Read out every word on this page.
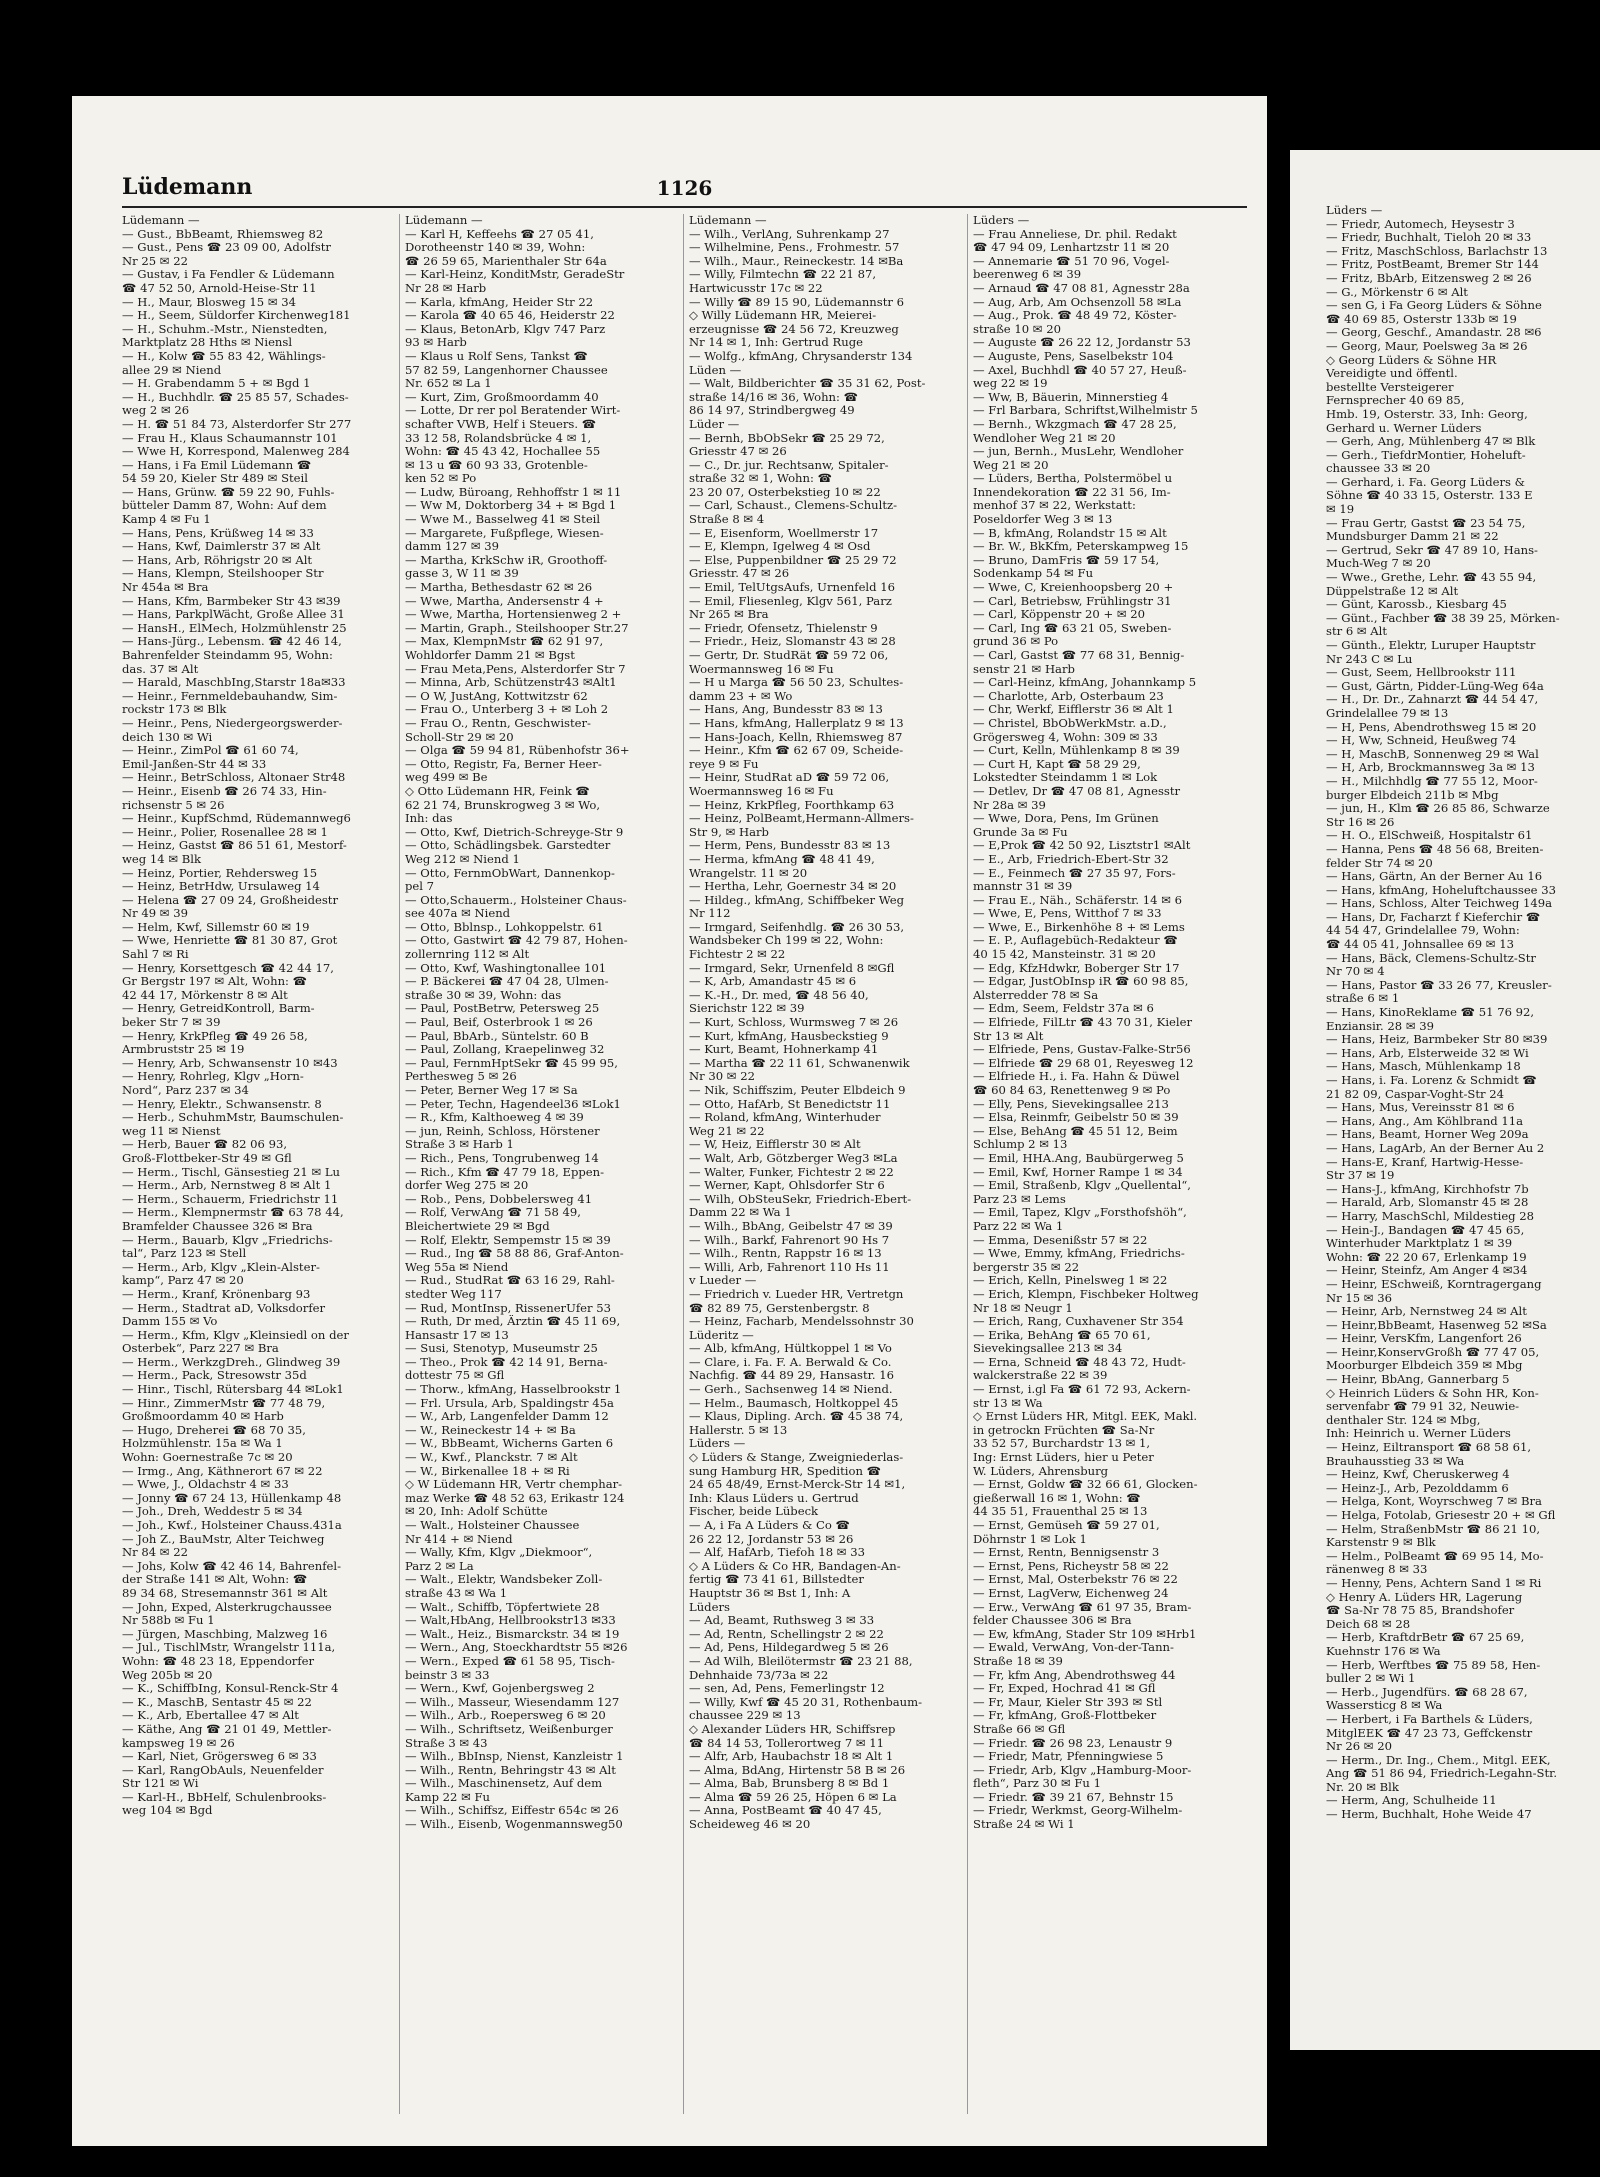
Lüdemann	1126
Lüdemann —
— Gust., BbBeamt, Rhiemsweg 82
— Gust., Pens ☎ 23 09 00, Adolfstr
Nr 25 ✉ 22
— Gustav, i Fa Fendler & Lüdemann
☎ 47 52 50, Arnold-Heise-Str 11
— H., Maur, Blosweg 15 ✉ 34
— H., Seem, Süldorfer Kirchenweg181
— H., Schuhm.-Mstr., Nienstedten,
Marktplatz 28 Hths ✉ Niensl
— H., Kolw ☎ 55 83 42, Wählings-
allee 29 ✉ Niend
— H. Grabendamm 5 + ✉ Bgd 1
— H., Buchhdlr. ☎ 25 85 57, Schades-
weg 2 ✉ 26
— H. ☎ 51 84 73, Alsterdorfer Str 277
— Frau H., Klaus Schaumannstr 101
— Wwe H, Korrespond, Malenweg 284
— Hans, i Fa Emil Lüdemann ☎
54 59 20, Kieler Str 489 ✉ Steil
— Hans, Grünw. ☎ 59 22 90, Fuhls-
bütteler Damm 87, Wohn: Auf dem
Kamp 4 ✉ Fu 1
— Hans, Pens, Krüßweg 14 ✉ 33
— Hans, Kwf, Daimlerstr 37 ✉ Alt
— Hans, Arb, Röhrigstr 20 ✉ Alt
— Hans, Klempn, Steilshooper Str
Nr 454a ✉ Bra
— Hans, Kfm, Barmbeker Str 43 ✉39
— Hans, ParkplWächt, Große Allee 31
— HansH., ElMech, Holzmühlenstr 25
— Hans-Jürg., Lebensm. ☎ 42 46 14,
Bahrenfelder Steindamm 95, Wohn:
das. 37 ✉ Alt
— Harald, MaschbIng,Starstr 18a✉33
— Heinr., Fernmeldebauhandw, Sim-
rockstr 173 ✉ Blk
— Heinr., Pens, Niedergeorgswerder-
deich 130 ✉ Wi
— Heinr., ZimPol ☎ 61 60 74,
Emil-Janßen-Str 44 ✉ 33
— Heinr., BetrSchloss, Altonaer Str48
— Heinr., Eisenb ☎ 26 74 33, Hin-
richsenstr 5 ✉ 26
— Heinr., KupfSchmd, Rüdemannweg6
— Heinr., Polier, Rosenallee 28 ✉ 1
— Heinz, Gastst ☎ 86 51 61, Mestorf-
weg 14 ✉ Blk
— Heinz, Portier, Rehdersweg 15
— Heinz, BetrHdw, Ursulaweg 14
— Helena ☎ 27 09 24, Großheidestr
Nr 49 ✉ 39
— Helm, Kwf, Sillemstr 60 ✉ 19
— Wwe, Henriette ☎ 81 30 87, Grot
Sahl 7 ✉ Ri
— Henry, Korsettgesch ☎ 42 44 17,
Gr Bergstr 197 ✉ Alt, Wohn: ☎
42 44 17, Mörkenstr 8 ✉ Alt
— Henry, GetreidKontroll, Barm-
beker Str 7 ✉ 39
— Henry, KrkPfleg ☎ 49 26 58,
Armbruststr 25 ✉ 19
— Henry, Arb, Schwansenstr 10 ✉43
— Henry, Rohrleg, Klgv „Horn-
Nord“, Parz 237 ✉ 34
— Henry, Elektr., Schwansenstr. 8
— Herb., SchuhmMstr, Baumschulen-
weg 11 ✉ Nienst
— Herb, Bauer ☎ 82 06 93,
Groß-Flottbeker-Str 49 ✉ Gfl
— Herm., Tischl, Gänsestieg 21 ✉ Lu
— Herm., Arb, Nernstweg 8 ✉ Alt 1
— Herm., Schauerm, Friedrichstr 11
— Herm., Klempnermstr ☎ 63 78 44,
Bramfelder Chaussee 326 ✉ Bra
— Herm., Bauarb, Klgv „Friedrichs-
tal“, Parz 123 ✉ Stell
— Herm., Arb, Klgv „Klein-Alster-
kamp“, Parz 47 ✉ 20
— Herm., Kranf, Krönenbarg 93
— Herm., Stadtrat aD, Volksdorfer
Damm 155 ✉ Vo
— Herm., Kfm, Klgv „Kleinsiedl on der
Osterbek“, Parz 227 ✉ Bra
— Herm., WerkzgDreh., Glindweg 39
— Herm., Pack, Stresowstr 35d
— Hinr., Tischl, Rütersbarg 44 ✉Lok1
— Hinr., ZimmerMstr ☎ 77 48 79,
Großmoordamm 40 ✉ Harb
— Hugo, Dreherei ☎ 68 70 35,
Holzmühlenstr. 15a ✉ Wa 1
Wohn: Goernestraße 7c ✉ 20
— Irmg., Ang, Käthnerort 67 ✉ 22
— Wwe, J., Oldachstr 4 ✉ 33
— Jonny ☎ 67 24 13, Hüllenkamp 48
— Joh., Dreh, Weddestr 5 ✉ 34
— Joh., Kwf., Holsteiner Chauss.431a
— Joh Z., BauMstr, Alter Teichweg
Nr 84 ✉ 22
— Johs, Kolw ☎ 42 46 14, Bahrenfel-
der Straße 141 ✉ Alt, Wohn: ☎
89 34 68, Stresemannstr 361 ✉ Alt
— John, Exped, Alsterkrugchaussee
Nr 588b ✉ Fu 1
— Jürgen, Maschbing, Malzweg 16
— Jul., TischlMstr, Wrangelstr 111a,
Wohn: ☎ 48 23 18, Eppendorfer
Weg 205b ✉ 20
— K., SchiffbIng, Konsul-Renck-Str 4
— K., MaschB, Sentastr 45 ✉ 22
— K., Arb, Ebertallee 47 ✉ Alt
— Käthe, Ang ☎ 21 01 49, Mettler-
kampsweg 19 ✉ 26
— Karl, Niet, Grögersweg 6 ✉ 33
— Karl, RangObAuls, Neuenfelder
Str 121 ✉ Wi
— Karl-H., BbHelf, Schulenbrooks-
weg 104 ✉ Bgd
Lüdemann —
— Karl H, Keffeehs ☎ 27 05 41,
Dorotheenstr 140 ✉ 39, Wohn:
☎ 26 59 65, Marienthaler Str 64a
— Karl-Heinz, KonditMstr, GeradeStr
Nr 28 ✉ Harb
— Karla, kfmAng, Heider Str 22
— Karola ☎ 40 65 46, Heiderstr 22
— Klaus, BetonArb, Klgv 747 Parz
93 ✉ Harb
— Klaus u Rolf Sens, Tankst ☎
57 82 59, Langenhorner Chaussee
Nr. 652 ✉ La 1
— Kurt, Zim, Großmoordamm 40
— Lotte, Dr rer pol Beratender Wirt-
schafter VWB, Helf i Steuers. ☎
33 12 58, Rolandsbrücke 4 ✉ 1,
Wohn: ☎ 45 43 42, Hochallee 55
✉ 13 u ☎ 60 93 33, Grotenble-
ken 52 ✉ Po
— Ludw, Büroang, Rehhoffstr 1 ✉ 11
— Ww M, Doktorberg 34 + ✉ Bgd 1
— Wwe M., Basselweg 41 ✉ Steil
— Margarete, Fußpflege, Wiesen-
damm 127 ✉ 39
— Martha, KrkSchw iR, Groothoff-
gasse 3, W 11 ✉ 39
— Martha, Bethesdastr 62 ✉ 26
— Wwe, Martha, Andersenstr 4 +
— Wwe, Martha, Hortensienweg 2 +
— Martin, Graph., Steilshooper Str.27
— Max, KlempnMstr ☎ 62 91 97,
Wohldorfer Damm 21 ✉ Bgst
— Frau Meta,Pens, Alsterdorfer Str 7
— Minna, Arb, Schützenstr43 ✉Alt1
— O W, JustAng, Kottwitzstr 62
— Frau O., Unterberg 3 + ✉ Loh 2
— Frau O., Rentn, Geschwister-
Scholl-Str 29 ✉ 20
— Olga ☎ 59 94 81, Rübenhofstr 36+
— Otto, Registr, Fa, Berner Heer-
weg 499 ✉ Be
◇ Otto Lüdemann HR, Feink ☎
62 21 74, Brunskrogweg 3 ✉ Wo,
Inh: das
— Otto, Kwf, Dietrich-Schreyge-Str 9
— Otto, Schädlingsbek. Garstedter
Weg 212 ✉ Niend 1
— Otto, FernmObWart, Dannenkop-
pel 7
— Otto,Schauerm., Holsteiner Chaus-
see 407a ✉ Niend
— Otto, Bblnsp., Lohkoppelstr. 61
— Otto, Gastwirt ☎ 42 79 87, Hohen-
zollernring 112 ✉ Alt
— Otto, Kwf, Washingtonallee 101
— P. Bäckerei ☎ 47 04 28, Ulmen-
straße 30 ✉ 39, Wohn: das
— Paul, PostBetrw, Petersweg 25
— Paul, Beif, Osterbrook 1 ✉ 26
— Paul, BbArb., Süntelstr. 60 B
— Paul, Zollang, Kraepelinweg 32
— Paul, FernmHptSekr ☎ 45 99 95,
Perthesweg 5 ✉ 26
— Peter, Berner Weg 17 ✉ Sa
— Peter, Techn, Hagendeel36 ✉Lok1
— R., Kfm, Kalthoeweg 4 ✉ 39
— jun, Reinh, Schloss, Hörstener
Straße 3 ✉ Harb 1
— Rich., Pens, Tongrubenweg 14
— Rich., Kfm ☎ 47 79 18, Eppen-
dorfer Weg 275 ✉ 20
— Rob., Pens, Dobbelersweg 41
— Rolf, VerwAng ☎ 71 58 49,
Bleichertwiete 29 ✉ Bgd
— Rolf, Elektr, Sempemstr 15 ✉ 39
— Rud., Ing ☎ 58 88 86, Graf-Anton-
Weg 55a ✉ Niend
— Rud., StudRat ☎ 63 16 29, Rahl-
stedter Weg 117
— Rud, MontInsp, RissenerUfer 53
— Ruth, Dr med, Ärztin ☎ 45 11 69,
Hansastr 17 ✉ 13
— Susi, Stenotyp, Museumstr 25
— Theo., Prok ☎ 42 14 91, Berna-
dottestr 75 ✉ Gfl
— Thorw., kfmAng, Hasselbrookstr 1
— Frl. Ursula, Arb, Spaldingstr 45a
— W., Arb, Langenfelder Damm 12
— W., Reineckestr 14 + ✉ Ba
— W., BbBeamt, Wicherns Garten 6
— W., Kwf., Planckstr. 7 ✉ Alt
— W., Birkenallee 18 + ✉ Ri
◇ W Lüdemann HR, Vertr chemphar-
maz Werke ☎ 48 52 63, Erikastr 124
✉ 20, Inh: Adolf Schütte
— Walt., Holsteiner Chaussee
Nr 414 + ✉ Niend
— Wally, Kfm, Klgv „Diekmoor“,
Parz 2 ✉ La
— Walt., Elektr, Wandsbeker Zoll-
straße 43 ✉ Wa 1
— Walt., Schiffb, Töpfertwiete 28
— Walt,HbAng, Hellbrookstr13 ✉33
— Walt., Heiz., Bismarckstr. 34 ✉ 19
— Wern., Ang, Stoeckhardtstr 55 ✉26
— Wern., Exped ☎ 61 58 95, Tisch-
beinstr 3 ✉ 33
— Wern., Kwf, Gojenbergsweg 2
— Wilh., Masseur, Wiesendamm 127
— Wilh., Arb., Roepersweg 6 ✉ 20
— Wilh., Schriftsetz, Weißenburger
Straße 3 ✉ 43
— Wilh., BbInsp, Nienst, Kanzleistr 1
— Wilh., Rentn, Behringstr 43 ✉ Alt
— Wilh., Maschinensetz, Auf dem
Kamp 22 ✉ Fu
— Wilh., Schiffsz, Eiffestr 654c ✉ 26
— Wilh., Eisenb, Wogenmannsweg50
Lüdemann —
— Wilh., VerlAng, Suhrenkamp 27
— Wilhelmine, Pens., Frohmestr. 57
— Wilh., Maur., Reineckestr. 14 ✉Ba
— Willy, Filmtechn ☎ 22 21 87,
Hartwicusstr 17c ✉ 22
— Willy ☎ 89 15 90, Lüdemannstr 6
◇ Willy Lüdemann HR, Meierei-
erzeugnisse ☎ 24 56 72, Kreuzweg
Nr 14 ✉ 1, Inh: Gertrud Ruge
— Wolfg., kfmAng, Chrysanderstr 134
Lüden —
— Walt, Bildberichter ☎ 35 31 62, Post-
straße 14/16 ✉ 36, Wohn: ☎
86 14 97, Strindbergweg 49
Lüder —
— Bernh, BbObSekr ☎ 25 29 72,
Griesstr 47 ✉ 26
— C., Dr. jur. Rechtsanw, Spitaler-
straße 32 ✉ 1, Wohn: ☎
23 20 07, Osterbekstieg 10 ✉ 22
— Carl, Schaust., Clemens-Schultz-
Straße 8 ✉ 4
— E, Eisenform, Woellmerstr 17
— E, Klempn, Igelweg 4 ✉ Osd
— Else, Puppenbildner ☎ 25 29 72
Griesstr. 47 ✉ 26
— Emil, TelUtgsAufs, Urnenfeld 16
— Emil, Fliesenleg, Klgv 561, Parz
Nr 265 ✉ Bra
— Friedr, Ofensetz, Thielenstr 9
— Friedr., Heiz, Slomanstr 43 ✉ 28
— Gertr, Dr. StudRät ☎ 59 72 06,
Woermannsweg 16 ✉ Fu
— H u Marga ☎ 56 50 23, Schultes-
damm 23 + ✉ Wo
— Hans, Ang, Bundesstr 83 ✉ 13
— Hans, kfmAng, Hallerplatz 9 ✉ 13
— Hans-Joach, Kelln, Rhiemsweg 87
— Heinr., Kfm ☎ 62 67 09, Scheide-
reye 9 ✉ Fu
— Heinr, StudRat aD ☎ 59 72 06,
Woermannsweg 16 ✉ Fu
— Heinz, KrkPfleg, Foorthkamp 63
— Heinz, PolBeamt,Hermann-Allmers-
Str 9, ✉ Harb
— Herm, Pens, Bundesstr 83 ✉ 13
— Herma, kfmAng ☎ 48 41 49,
Wrangelstr. 11 ✉ 20
— Hertha, Lehr, Goernestr 34 ✉ 20
— Hildeg., kfmAng, Schiffbeker Weg
Nr 112
— Irmgard, Seifenhdlg. ☎ 26 30 53,
Wandsbeker Ch 199 ✉ 22, Wohn:
Fichtestr 2 ✉ 22
— Irmgard, Sekr, Urnenfeld 8 ✉Gfl
— K, Arb, Amandastr 45 ✉ 6
— K.-H., Dr. med, ☎ 48 56 40,
Sierichstr 122 ✉ 39
— Kurt, Schloss, Wurmsweg 7 ✉ 26
— Kurt, kfmAng, Hausbeckstieg 9
— Kurt, Beamt, Hohnerkamp 41
— Martha ☎ 22 11 61, Schwanenwik
Nr 30 ✉ 22
— Nik, Schiffszim, Peuter Elbdeich 9
— Otto, HafArb, St Benedictstr 11
— Roland, kfmAng, Winterhuder
Weg 21 ✉ 22
— W, Heiz, Eifflerstr 30 ✉ Alt
— Walt, Arb, Götzberger Weg3 ✉La
— Walter, Funker, Fichtestr 2 ✉ 22
— Werner, Kapt, Ohlsdorfer Str 6
— Wilh, ObSteuSekr, Friedrich-Ebert-
Damm 22 ✉ Wa 1
— Wilh., BbAng, Geibelstr 47 ✉ 39
— Wilh., Barkf, Fahrenort 90 Hs 7
— Wilh., Rentn, Rappstr 16 ✉ 13
— Willi, Arb, Fahrenort 110 Hs 11
v Lueder —
— Friedrich v. Lueder HR, Vertretgn
☎ 82 89 75, Gerstenbergstr. 8
— Heinz, Facharb, Mendelssohnstr 30
Lüderitz —
— Alb, kfmAng, Hültkoppel 1 ✉ Vo
— Clare, i. Fa. F. A. Berwald & Co.
Nachfig. ☎ 44 89 29, Hansastr. 16
— Gerh., Sachsenweg 14 ✉ Niend.
— Helm., Baumasch, Holtkoppel 45
— Klaus, Dipling. Arch. ☎ 45 38 74,
Hallerstr. 5 ✉ 13
Lüders —
◇ Lüders & Stange, Zweigniederlas-
sung Hamburg HR, Spedition ☎
24 65 48/49, Ernst-Merck-Str 14 ✉1,
Inh: Klaus Lüders u. Gertrud
Fischer, beide Lübeck
— A, i Fa A Lüders & Co ☎
26 22 12, Jordanstr 53 ✉ 26
— Alf, HafArb, Tiefoh 18 ✉ 33
◇ A Lüders & Co HR, Bandagen-An-
fertig ☎ 73 41 61, Billstedter
Hauptstr 36 ✉ Bst 1, Inh: A
Lüders
— Ad, Beamt, Ruthsweg 3 ✉ 33
— Ad, Rentn, Schellingstr 2 ✉ 22
— Ad, Pens, Hildegardweg 5 ✉ 26
— Ad Wilh, Bleilötermstr ☎ 23 21 88,
Dehnhaide 73/73a ✉ 22
— sen, Ad, Pens, Femerlingstr 12
— Willy, Kwf ☎ 45 20 31, Rothenbaum-
chaussee 229 ✉ 13
◇ Alexander Lüders HR, Schiffsrep
☎ 84 14 53, Tollerortweg 7 ✉ 11
— Alfr, Arb, Haubachstr 18 ✉ Alt 1
— Alma, BdAng, Hirtenstr 58 B ✉ 26
— Alma, Bab, Brunsberg 8 ✉ Bd 1
— Alma ☎ 59 26 25, Höpen 6 ✉ La
— Anna, PostBeamt ☎ 40 47 45,
Scheideweg 46 ✉ 20
Lüders —
— Frau Anneliese, Dr. phil. Redakt
☎ 47 94 09, Lenhartzstr 11 ✉ 20
— Annemarie ☎ 51 70 96, Vogel-
beerenweg 6 ✉ 39
— Arnaud ☎ 47 08 81, Agnesstr 28a
— Aug, Arb, Am Ochsenzoll 58 ✉La
— Aug., Prok. ☎ 48 49 72, Köster-
straße 10 ✉ 20
— Auguste ☎ 26 22 12, Jordanstr 53
— Auguste, Pens, Saselbekstr 104
— Axel, Buchhdl ☎ 40 57 27, Heuß-
weg 22 ✉ 19
— Ww, B, Bäuerin, Minnerstieg 4
— Frl Barbara, Schriftst,Wilhelmistr 5
— Bernh., Wkzgmach ☎ 47 28 25,
Wendloher Weg 21 ✉ 20
— jun, Bernh., MusLehr, Wendloher
Weg 21 ✉ 20
— Lüders, Bertha, Polstermöbel u
Innendekoration ☎ 22 31 56, Im-
menhof 37 ✉ 22, Werkstatt:
Poseldorfer Weg 3 ✉ 13
— B, kfmAng, Rolandstr 15 ✉ Alt
— Br. W., BkKfm, Peterskampweg 15
— Bruno, DamFris ☎ 59 17 54,
Sodenkamp 54 ✉ Fu
— Wwe, C, Kreienhoopsberg 20 +
— Carl, Betriebsw, Frühlingstr 31
— Carl, Köppenstr 20 + ✉ 20
— Carl, Ing ☎ 63 21 05, Sweben-
grund 36 ✉ Po
— Carl, Gastst ☎ 77 68 31, Bennig-
senstr 21 ✉ Harb
— Carl-Heinz, kfmAng, Johannkamp 5
— Charlotte, Arb, Osterbaum 23
— Chr, Werkf, Eifflerstr 36 ✉ Alt 1
— Christel, BbObWerkMstr. a.D.,
Grögersweg 4, Wohn: 309 ✉ 33
— Curt, Kelln, Mühlenkamp 8 ✉ 39
— Curt H, Kapt ☎ 58 29 29,
Lokstedter Steindamm 1 ✉ Lok
— Detlev, Dr ☎ 47 08 81, Agnesstr
Nr 28a ✉ 39
— Wwe, Dora, Pens, Im Grünen
Grunde 3a ✉ Fu
— E,Prok ☎ 42 50 92, Lisztstr1 ✉Alt
— E., Arb, Friedrich-Ebert-Str 32
— E., Feinmech ☎ 27 35 97, Fors-
mannstr 31 ✉ 39
— Frau E., Näh., Schäferstr. 14 ✉ 6
— Wwe, E, Pens, Witthof 7 ✉ 33
— Wwe, E., Birkenhöhe 8 + ✉ Lems
— E. P., Auflagebüch-Redakteur ☎
40 15 42, Mansteinstr. 31 ✉ 20
— Edg, KfzHdwkr, Boberger Str 17
— Edgar, JustObInsp iR ☎ 60 98 85,
Alsterredder 78 ✉ Sa
— Edm, Seem, Feldstr 37a ✉ 6
— Elfriede, FilLtr ☎ 43 70 31, Kieler
Str 13 ✉ Alt
— Elfriede, Pens, Gustav-Falke-Str56
— Elfriede ☎ 29 68 01, Reyesweg 12
— Elfriede H., i. Fa. Hahn & Düwel
☎ 60 84 63, Renettenweg 9 ✉ Po
— Elly, Pens, Sievekingsallee 213
— Elsa, Reinmfr, Geibelstr 50 ✉ 39
— Else, BehAng ☎ 45 51 12, Beim
Schlump 2 ✉ 13
— Emil, HHA.Ang, Baubürgerweg 5
— Emil, Kwf, Horner Rampe 1 ✉ 34
— Emil, Straßenb, Klgv „Quellental“,
Parz 23 ✉ Lems
— Emil, Tapez, Klgv „Forsthofshöh“,
Parz 22 ✉ Wa 1
— Emma, Desenißstr 57 ✉ 22
— Wwe, Emmy, kfmAng, Friedrichs-
bergerstr 35 ✉ 22
— Erich, Kelln, Pinelsweg 1 ✉ 22
— Erich, Klempn, Fischbeker Holtweg
Nr 18 ✉ Neugr 1
— Erich, Rang, Cuxhavener Str 354
— Erika, BehAng ☎ 65 70 61,
Sievekingsallee 213 ✉ 34
— Erna, Schneid ☎ 48 43 72, Hudt-
walckerstraße 22 ✉ 39
— Ernst, i.gl Fa ☎ 61 72 93, Ackern-
str 13 ✉ Wa
◇ Ernst Lüders HR, Mitgl. EEK, Makl.
in getrockn Früchten ☎ Sa-Nr
33 52 57, Burchardstr 13 ✉ 1,
Ing: Ernst Lüders, hier u Peter
W. Lüders, Ahrensburg
— Ernst, Goldw ☎ 32 66 61, Glocken-
gießerwall 16 ✉ 1, Wohn: ☎
44 35 51, Frauenthal 25 ✉ 13
— Ernst, Gemüseh ☎ 59 27 01,
Döhrnstr 1 ✉ Lok 1
— Ernst, Rentn, Bennigsenstr 3
— Ernst, Pens, Richeystr 58 ✉ 22
— Ernst, Mal, Osterbekstr 76 ✉ 22
— Ernst, LagVerw, Eichenweg 24
— Erw., VerwAng ☎ 61 97 35, Bram-
felder Chaussee 306 ✉ Bra
— Ew, kfmAng, Stader Str 109 ✉Hrb1
— Ewald, VerwAng, Von-der-Tann-
Straße 18 ✉ 39
— Fr, kfm Ang, Abendrothsweg 44
— Fr, Exped, Hochrad 41 ✉ Gfl
— Fr, Maur, Kieler Str 393 ✉ Stl
— Fr, kfmAng, Groß-Flottbeker
Straße 66 ✉ Gfl
— Friedr. ☎ 26 98 23, Lenaustr 9
— Friedr, Matr, Pfenningwiese 5
— Friedr, Arb, Klgv „Hamburg-Moor-
fleth“, Parz 30 ✉ Fu 1
— Friedr. ☎ 39 21 67, Behnstr 15
— Friedr, Werkmst, Georg-Wilhelm-
Straße 24 ✉ Wi 1
Lüders —
— Friedr, Automech, Heysestr 3
— Friedr, Buchhalt, Tieloh 20 ✉ 33
— Fritz, MaschSchloss, Barlachstr 13
— Fritz, PostBeamt, Bremer Str 144
— Fritz, BbArb, Eitzensweg 2 ✉ 26
— G., Mörkenstr 6 ✉ Alt
— sen G, i Fa Georg Lüders & Söhne
☎ 40 69 85, Osterstr 133b ✉ 19
— Georg, Geschf., Amandastr. 28 ✉6
— Georg, Maur, Poelsweg 3a ✉ 26
◇ Georg Lüders & Söhne HR
Vereidigte und öffentl.
bestellte Versteigerer
Fernsprecher 40 69 85,
Hmb. 19, Osterstr. 33, Inh: Georg,
Gerhard u. Werner Lüders
— Gerh, Ang, Mühlenberg 47 ✉ Blk
— Gerh., TiefdrMontier, Hoheluft-
chaussee 33 ✉ 20
— Gerhard, i. Fa. Georg Lüders &
Söhne ☎ 40 33 15, Osterstr. 133 E
✉ 19
— Frau Gertr, Gastst ☎ 23 54 75,
Mundsburger Damm 21 ✉ 22
— Gertrud, Sekr ☎ 47 89 10, Hans-
Much-Weg 7 ✉ 20
— Wwe., Grethe, Lehr. ☎ 43 55 94,
Düppelstraße 12 ✉ Alt
— Günt, Karossb., Kiesbarg 45
— Günt., Fachber ☎ 38 39 25, Mörken-
str 6 ✉ Alt
— Günth., Elektr, Luruper Hauptstr
Nr 243 C ✉ Lu
— Gust, Seem, Hellbrookstr 111
— Gust, Gärtn, Pidder-Lüng-Weg 64a
— H., Dr. Dr., Zahnarzt ☎ 44 54 47,
Grindelallee 79 ✉ 13
— H, Pens, Abendrothsweg 15 ✉ 20
— H, Ww, Schneid, Heußweg 74
— H, MaschB, Sonnenweg 29 ✉ Wal
— H, Arb, Brockmannsweg 3a ✉ 13
— H., Milchhdlg ☎ 77 55 12, Moor-
burger Elbdeich 211b ✉ Mbg
— jun, H., Klm ☎ 26 85 86, Schwarze
Str 16 ✉ 26
— H. O., ElSchweiß, Hospitalstr 61
— Hanna, Pens ☎ 48 56 68, Breiten-
felder Str 74 ✉ 20
— Hans, Gärtn, An der Berner Au 16
— Hans, kfmAng, Hoheluftchaussee 33
— Hans, Schloss, Alter Teichweg 149a
— Hans, Dr, Facharzt f Kieferchir ☎
44 54 47, Grindelallee 79, Wohn:
☎ 44 05 41, Johnsallee 69 ✉ 13
— Hans, Bäck, Clemens-Schultz-Str
Nr 70 ✉ 4
— Hans, Pastor ☎ 33 26 77, Kreusler-
straße 6 ✉ 1
— Hans, KinoReklame ☎ 51 76 92,
Enziansir. 28 ✉ 39
— Hans, Heiz, Barmbeker Str 80 ✉39
— Hans, Arb, Elsterweide 32 ✉ Wi
— Hans, Masch, Mühlenkamp 18
— Hans, i. Fa. Lorenz & Schmidt ☎
21 82 09, Caspar-Voght-Str 24
— Hans, Mus, Vereinsstr 81 ✉ 6
— Hans, Ang., Am Köhlbrand 11a
— Hans, Beamt, Horner Weg 209a
— Hans, LagArb, An der Berner Au 2
— Hans-E, Kranf, Hartwig-Hesse-
Str 37 ✉ 19
— Hans-J., kfmAng, Kirchhofstr 7b
— Harald, Arb, Slomanstr 45 ✉ 28
— Harry, MaschSchl, Mildestieg 28
— Hein-J., Bandagen ☎ 47 45 65,
Winterhuder Marktplatz 1 ✉ 39
Wohn: ☎ 22 20 67, Erlenkamp 19
— Heinr, Steinfz, Am Anger 4 ✉34
— Heinr, ESchweiß, Korntragergang
Nr 15 ✉ 36
— Heinr, Arb, Nernstweg 24 ✉ Alt
— Heinr,BbBeamt, Hasenweg 52 ✉Sa
— Heinr, VersKfm, Langenfort 26
— Heinr,KonservGroßh ☎ 77 47 05,
Moorburger Elbdeich 359 ✉ Mbg
— Heinr, BbAng, Gannerbarg 5
◇ Heinrich Lüders & Sohn HR, Kon-
servenfabr ☎ 79 91 32, Neuwie-
denthaler Str. 124 ✉ Mbg,
Inh: Heinrich u. Werner Lüders
— Heinz, Eiltransport ☎ 68 58 61,
Brauhausstieg 33 ✉ Wa
— Heinz, Kwf, Cheruskerweg 4
— Heinz-J., Arb, Pezolddamm 6
— Helga, Kont, Woyrschweg 7 ✉ Bra
— Helga, Fotolab, Griesestr 20 + ✉ Gfl
— Helm, StraßenbMstr ☎ 86 21 10,
Karstenstr 9 ✉ Blk
— Helm., PolBeamt ☎ 69 95 14, Mo-
ränenweg 8 ✉ 33
— Henny, Pens, Achtern Sand 1 ✉ Ri
◇ Henry A. Lüders HR, Lagerung
☎ Sa-Nr 78 75 85, Brandshofer
Deich 68 ✉ 28
— Herb, KraftdrBetr ☎ 67 25 69,
Kuehnstr 176 ✉ Wa
— Herb, Werftbes ☎ 75 89 58, Hen-
buller 2 ✉ Wi 1
— Herb., Jugendfürs. ☎ 68 28 67,
Wassersticg 8 ✉ Wa
— Herbert, i Fa Barthels & Lüders,
MitglEEK ☎ 47 23 73, Geffckenstr
Nr 26 ✉ 20
— Herm., Dr. Ing., Chem., Mitgl. EEK,
Ang ☎ 51 86 94, Friedrich-Legahn-Str.
Nr. 20 ✉ Blk
— Herm, Ang, Schulheide 11
— Herm, Buchhalt, Hohe Weide 47
